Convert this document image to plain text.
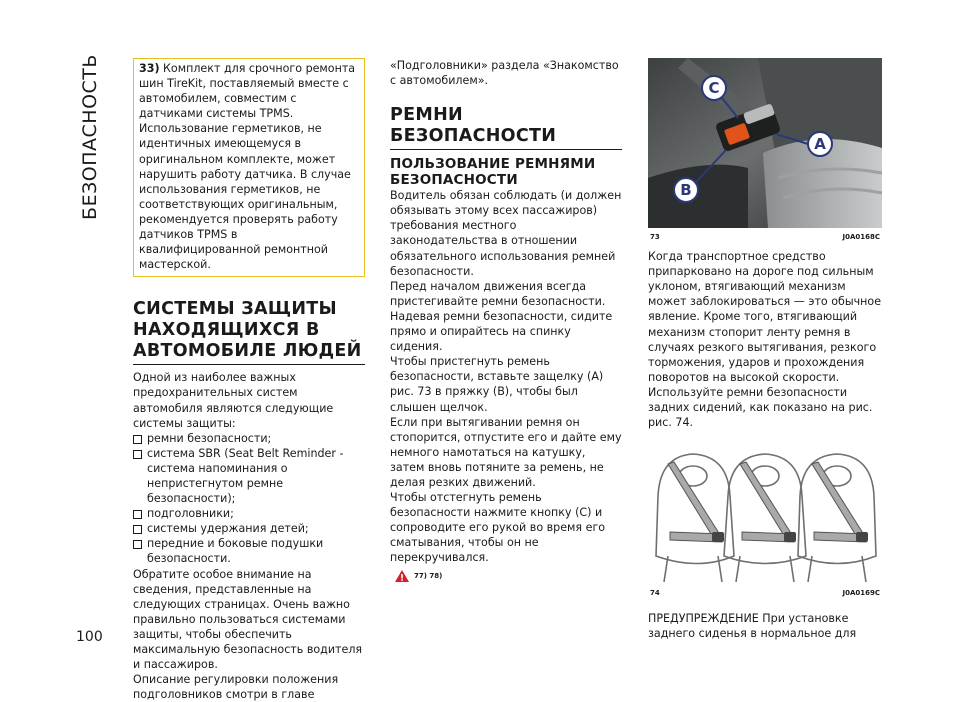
БЕЗОПАСНОСТЬ
100

33) Комплект для срочного ремонта шин TireKit, поставляемый вместе с автомобилем, совместим с датчиками системы TPMS. Использование герметиков, не идентичных имеющемуся в оригинальном комплекте, может нарушить работу датчика. В случае использования герметиков, не соответствующих оригинальным, рекомендуется проверять работу датчиков TPMS в квалифицированной ремонтной мастерской.

СИСТЕМЫ ЗАЩИТЫ НАХОДЯЩИХСЯ В АВТОМОБИЛЕ ЛЮДЕЙ

Одной из наиболее важных предохранительных систем автомобиля являются следующие системы защиты:

ремни безопасности;
система SBR (Seat Belt Reminder - система напоминания о непристегнутом ремне безопасности);
подголовники;
системы удержания детей;
передние и боковые подушки безопасности.

Обратите особое внимание на сведения, представленные на следующих страницах. Очень важно правильно пользоваться системами защиты, чтобы обеспечить максимальную безопасность водителя и пассажиров.

Описание регулировки положения подголовников смотри в главе

«Подголовники» раздела «Знакомство с автомобилем».

РЕМНИ БЕЗОПАСНОСТИ
ПОЛЬЗОВАНИЕ РЕМНЯМИ БЕЗОПАСНОСТИ

Водитель обязан соблюдать (и должен обязывать этому всех пассажиров) требования местного законодательства в отношении обязательного использования ремней безопасности.

Перед началом движения всегда пристегивайте ремни безопасности.

Надевая ремни безопасности, сидите прямо и опирайтесь на спинку сидения.

Чтобы пристегнуть ремень безопасности, вставьте защелку (A) рис. 73 в пряжку (B), чтобы был слышен щелчок.

Если при вытягивании ремня он стопорится, отпустите его и дайте ему немного намотаться на катушку, затем вновь потяните за ремень, не делая резких движений.

Чтобы отстегнуть ремень безопасности нажмите кнопку (C) и сопроводите его рукой во время его сматывания, чтобы он не перекручивался.

77) 78)
C
A
B
73	J0A0168C

Когда транспортное средство припарковано на дороге под сильным уклоном, втягивающий механизм может заблокироваться — это обычное явление. Кроме того, втягивающий механизм стопорит ленту ремня в случаях резкого вытягивания, резкого торможения, ударов и прохождения поворотов на высокой скорости.

Используйте ремни безопасности задних сидений, как показано на рис. рис. 74.

74	J0A0169C

ПРЕДУПРЕЖДЕНИЕ При установке заднего сиденья в нормальное для
